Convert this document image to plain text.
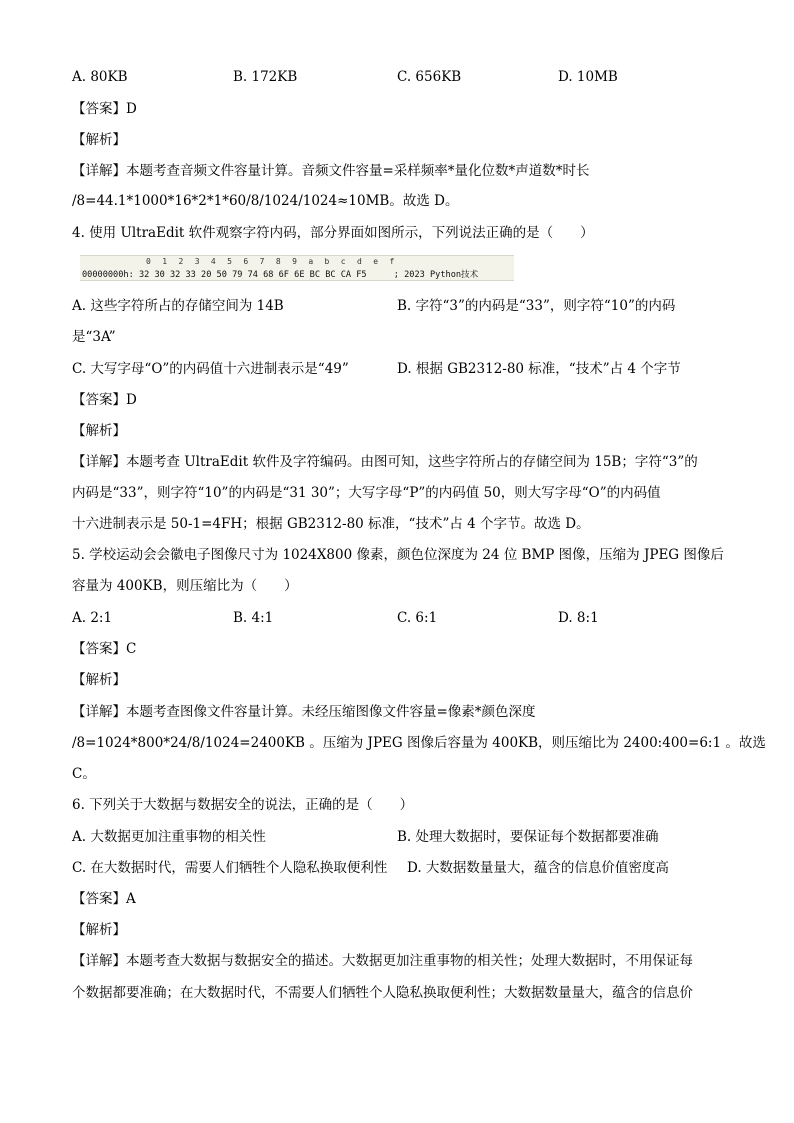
A. 80KB	B. 172KB	C. 656KB	D. 10MB
【答案】D
【解析】
【详解】本题考查音频文件容量计算。音频文件容量=采样频率*量化位数*声道数*时长
/8=44.1*1000*16*2*1*60/8/1024/1024≈10MB。故选 D。
4. 使用 UltraEdit 软件观察字符内码，部分界面如图所示，下列说法正确的是（　　）
0 1 2 3 4 5 6 7 8 9 a b c d e f
00000000h: 32 30 32 33 20 50 79 74 68 6F 6E BC BC CA F5	; 2023 Python技术
A. 这些字符所占的存储空间为 14B	B. 字符“3”的内码是“33”，则字符“10”的内码
是“3A”
C. 大写字母“O”的内码值十六进制表示是“49”	D. 根据 GB2312-80 标准，“技术”占 4 个字节
【答案】D
【解析】
【详解】本题考查 UltraEdit 软件及字符编码。由图可知，这些字符所占的存储空间为 15B；字符“3”的
内码是“33”，则字符“10”的内码是“31 30”；大写字母“P”的内码值 50，则大写字母“O”的内码值
十六进制表示是 50-1=4FH；根据 GB2312-80 标准，“技术”占 4 个字节。故选 D。
5. 学校运动会会徽电子图像尺寸为 1024X800 像素，颜色位深度为 24 位 BMP 图像，压缩为 JPEG 图像后
容量为 400KB，则压缩比为（　　）
A. 2:1	B. 4:1	C. 6:1	D. 8:1
【答案】C
【解析】
【详解】本题考查图像文件容量计算。未经压缩图像文件容量=像素*颜色深度
/8=1024*800*24/8/1024=2400KB 。压缩为 JPEG 图像后容量为 400KB，则压缩比为 2400:400=6:1 。故选
C。
6. 下列关于大数据与数据安全的说法，正确的是（　　）
A. 大数据更加注重事物的相关性	B. 处理大数据时，要保证每个数据都要准确
C. 在大数据时代，需要人们牺牲个人隐私换取便利性 D. 大数据数量量大，蕴含的信息价值密度高
【答案】A
【解析】
【详解】本题考查大数据与数据安全的描述。大数据更加注重事物的相关性；处理大数据时，不用保证每
个数据都要准确；在大数据时代，不需要人们牺牲个人隐私换取便利性；大数据数量量大，蕴含的信息价
